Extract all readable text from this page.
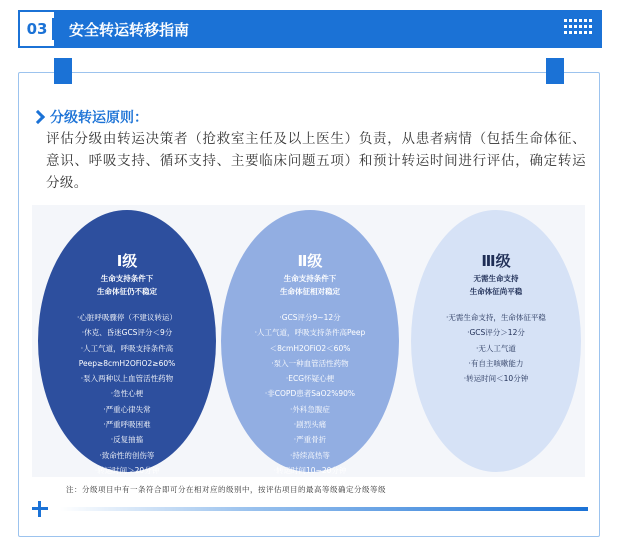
03	安全转运转移指南
分级转运原则：

评估分级由转运决策者（抢救室主任及以上医生）负责，从患者病情（包括生命体征、意识、呼吸支持、循环支持、主要临床问题五项）和预计转运时间进行评估，确定转运分级。

Ⅰ级
生命支持条件下
生命体征仍不稳定
·心脏呼吸骤停（不建议转运）
·休克、昏迷GCS评分＜9分
·人工气道，呼吸支持条件高
Peep≥8cmH2OFiO2≥60%
·泵入两种以上血管活性药物
·急性心梗
·严重心律失常
·严重呼吸困难
·反复抽搐
·致命性的创伤等
·转运时间＞20分钟
Ⅱ级
生命支持条件下
生命体征相对稳定
·GCS评分9~12分
·人工气道，呼吸支持条件高Peep
＜8cmH2OFiO2＜60%
·泵入一种血管活性药物
·ECG怀疑心梗
·非COPD患者SaO2%90%
·外科急腹症
·剧烈头痛
·严重骨折
·持续高热等
·转运时间10~20分钟
Ⅲ级
无需生命支持
生命体征尚平稳
·无需生命支持，生命体征平稳
·GCS评分＞12分
·无人工气道
·有自主咳嗽能力
·转运时间＜10分钟
注：分级项目中有一条符合即可分在相对应的级别中，按评估项目的最高等级确定分级等级
